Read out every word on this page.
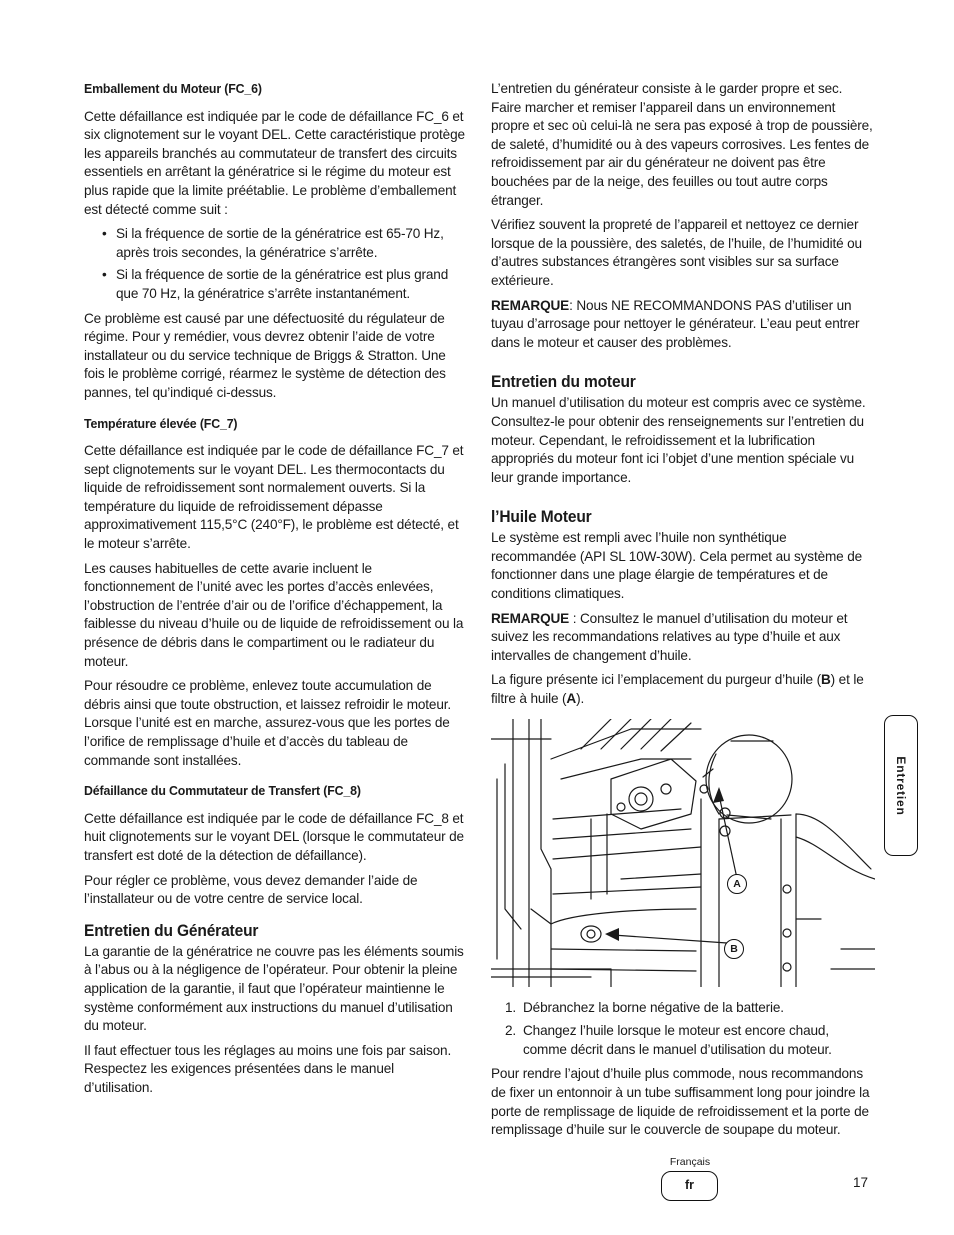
Emballement du Moteur (FC_6)

Cette défaillance est indiquée par le code de défaillance FC_6 et six clignotement sur le voyant DEL. Cette caractéristique protège les appareils branchés au commutateur de transfert des circuits essentiels en arrêtant la génératrice si le régime du moteur est plus rapide que la limite préétablie. Le problème d’emballement est détecté comme suit :

• Si la fréquence de sortie de la génératrice est 65-70 Hz, après trois secondes, la génératrice s’arrête.
• Si la fréquence de sortie de la génératrice est plus grand que 70 Hz, la génératrice s’arrête instantanément.

Ce problème est causé par une défectuosité du régulateur de régime. Pour y remédier, vous devrez obtenir l’aide de votre installateur ou du service technique de Briggs & Stratton. Une fois le problème corrigé, réarmez le système de détection des pannes, tel qu’indiqué ci-dessus.

Température élevée (FC_7)

Cette défaillance est indiquée par le code de défaillance FC_7 et sept clignotements sur le voyant DEL. Les thermocontacts du liquide de refroidissement sont normalement ouverts. Si la température du liquide de refroidissement dépasse approximativement 115,5°C (240°F), le problème est détecté, et le moteur s’arrête.

Les causes habituelles de cette avarie incluent le fonctionnement de l’unité avec les portes d’accès enlevées, l’obstruction de l’entrée d’air ou de l’orifice d’échappement, la faiblesse du niveau d’huile ou de liquide de refroidissement ou la présence de débris dans le compartiment ou le radiateur du moteur.

Pour résoudre ce problème, enlevez toute accumulation de débris ainsi que toute obstruction, et laissez refroidir le moteur. Lorsque l’unité est en marche, assurez-vous que les portes de l’orifice de remplissage d’huile et d’accès du tableau de commande sont installées.

Défaillance du Commutateur de Transfert (FC_8)

Cette défaillance est indiquée par le code de défaillance FC_8 et huit clignotements sur le voyant DEL (lorsque le commutateur de transfert est doté de la détection de défaillance).

Pour régler ce problème, vous devez demander l’aide de l’installateur ou de votre centre de service local.

Entretien du Générateur

La garantie de la génératrice ne couvre pas les éléments soumis à l’abus ou à la négligence de l’opérateur. Pour obtenir la pleine application de la garantie, il faut que l’opérateur maintienne le système conformément aux instructions du manuel d’utilisation du moteur.

Il faut effectuer tous les réglages au moins une fois par saison. Respectez les exigences présentées dans le manuel d’utilisation.

L’entretien du générateur consiste à le garder propre et sec. Faire marcher et remiser l’appareil dans un environnement propre et sec où celui-là ne sera pas exposé à trop de poussière, de saleté, d’humidité ou à des vapeurs corrosives. Les fentes de refroidissement par air du générateur ne doivent pas être bouchées par de la neige, des feuilles ou tout autre corps étranger.

Vérifiez souvent la propreté de l’appareil et nettoyez ce dernier lorsque de la poussière, des saletés, de l’huile, de l’humidité ou d’autres substances étrangères sont visibles sur sa surface extérieure.

REMARQUE: Nous NE RECOMMANDONS PAS d’utiliser un tuyau d’arrosage pour nettoyer le générateur. L’eau peut entrer dans le moteur et causer des problèmes.

Entretien du moteur

Un manuel d’utilisation du moteur est compris avec ce système. Consultez-le pour obtenir des renseignements sur l’entretien du moteur. Cependant, le refroidissement et la lubrification appropriés du moteur font ici l’objet d’une mention spéciale vu leur grande importance.

l’Huile Moteur

Le système est rempli avec l’huile non synthétique recommandée (API SL 10W-30W). Cela permet au système de fonctionner dans une plage élargie de températures et de conditions climatiques.

REMARQUE : Consultez le manuel d’utilisation du moteur et suivez les recommandations relatives au type d’huile et aux intervalles de changement d’huile.

La figure présente ici l’emplacement du purgeur d’huile (B) et le filtre à huile (A).

A
B
1. Débranchez la borne négative de la batterie.
2. Changez l’huile lorsque le moteur est encore chaud, comme décrit dans le manuel d’utilisation du moteur.

Pour rendre l’ajout d’huile plus commode, nous recommandons de fixer un entonnoir à un tube suffisamment long pour joindre la porte de remplissage de liquide de refroidissement et la porte de remplissage d’huile sur le couvercle de soupape du moteur.

Entretien
Français
fr	17
